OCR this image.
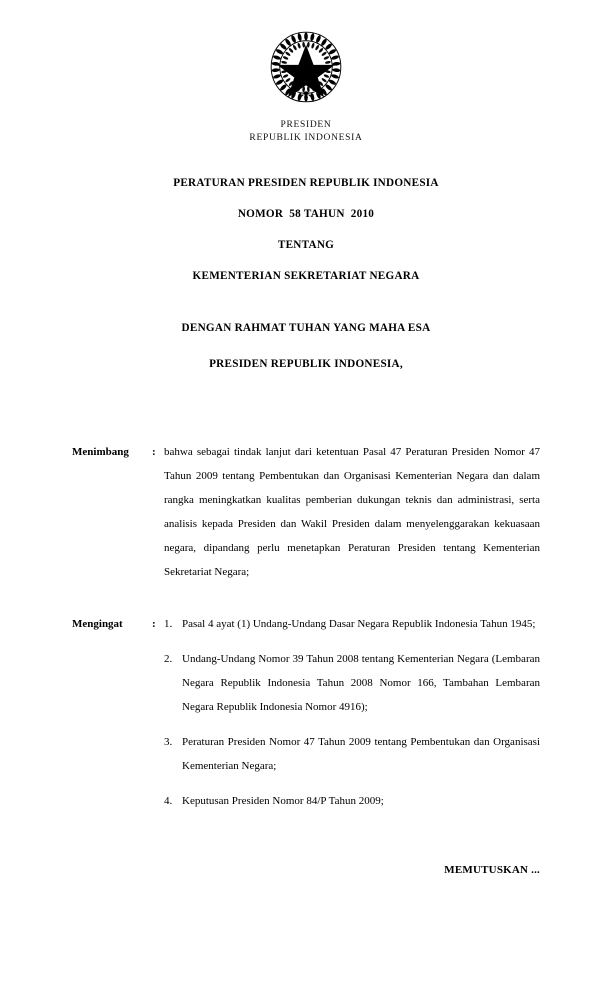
PRESIDEN
REPUBLIK INDONESIA
PERATURAN PRESIDEN REPUBLIK INDONESIA
NOMOR  58 TAHUN  2010
TENTANG
KEMENTERIAN SEKRETARIAT NEGARA
DENGAN RAHMAT TUHAN YANG MAHA ESA
PRESIDEN REPUBLIK INDONESIA,
Menimbang	: bahwa sebagai tindak lanjut dari ketentuan Pasal 47 Peraturan Presiden Nomor 47 Tahun 2009 tentang Pembentukan dan Organisasi Kementerian Negara dan dalam rangka meningkatkan kualitas pemberian dukungan teknis dan administrasi, serta analisis kepada Presiden dan Wakil Presiden dalam menyelenggarakan kekuasaan negara, dipandang perlu menetapkan Peraturan Presiden tentang Kementerian Sekretariat Negara;
Mengingat	: 1. Pasal 4 ayat (1) Undang-Undang Dasar Negara Republik Indonesia Tahun 1945;
2. Undang-Undang Nomor 39 Tahun 2008 tentang Kementerian Negara (Lembaran Negara Republik Indonesia Tahun 2008 Nomor 166, Tambahan Lembaran Negara Republik Indonesia Nomor 4916);
3. Peraturan Presiden Nomor 47 Tahun 2009 tentang Pembentukan dan Organisasi Kementerian Negara;
4. Keputusan Presiden Nomor 84/P Tahun 2009;
MEMUTUSKAN ...
